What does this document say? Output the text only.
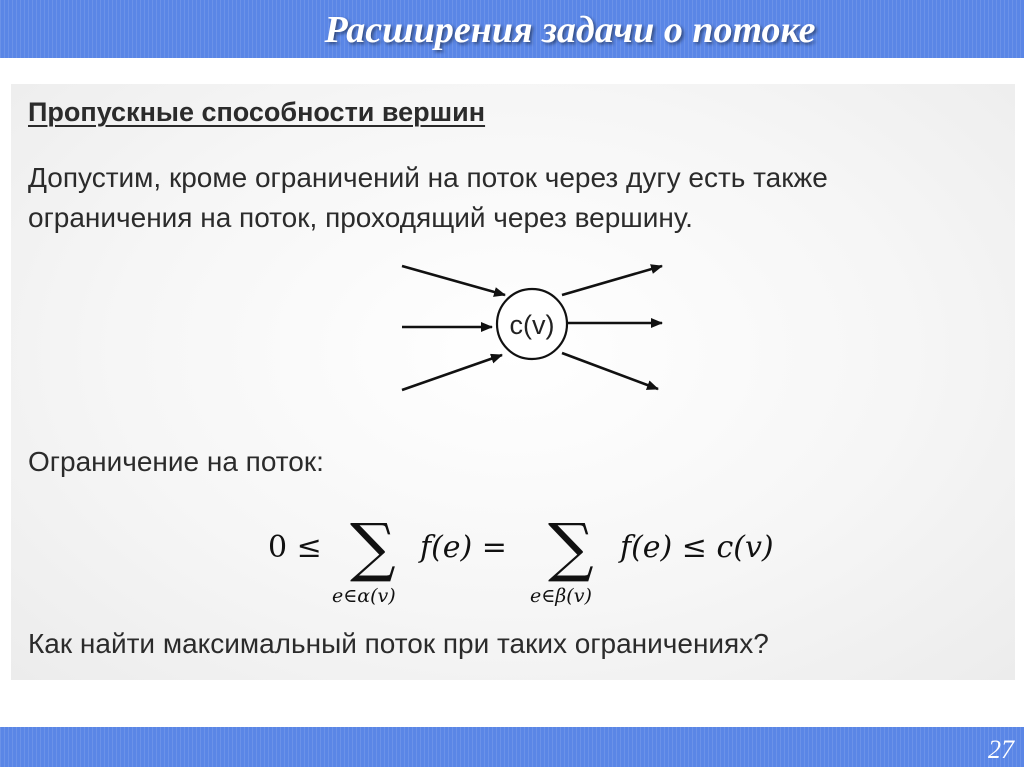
Расширения задачи о потоке
Пропускные способности вершин
Допустим, кроме ограничений на поток через дугу есть также
ограничения на поток, проходящий через вершину.
c(v)
Ограничение на поток:
0 ≤ ∑
e∈α(v)
f(e) = ∑
e∈β(v)
f(e) ≤ c(v)
Как найти максимальный поток при таких ограничениях?
27
